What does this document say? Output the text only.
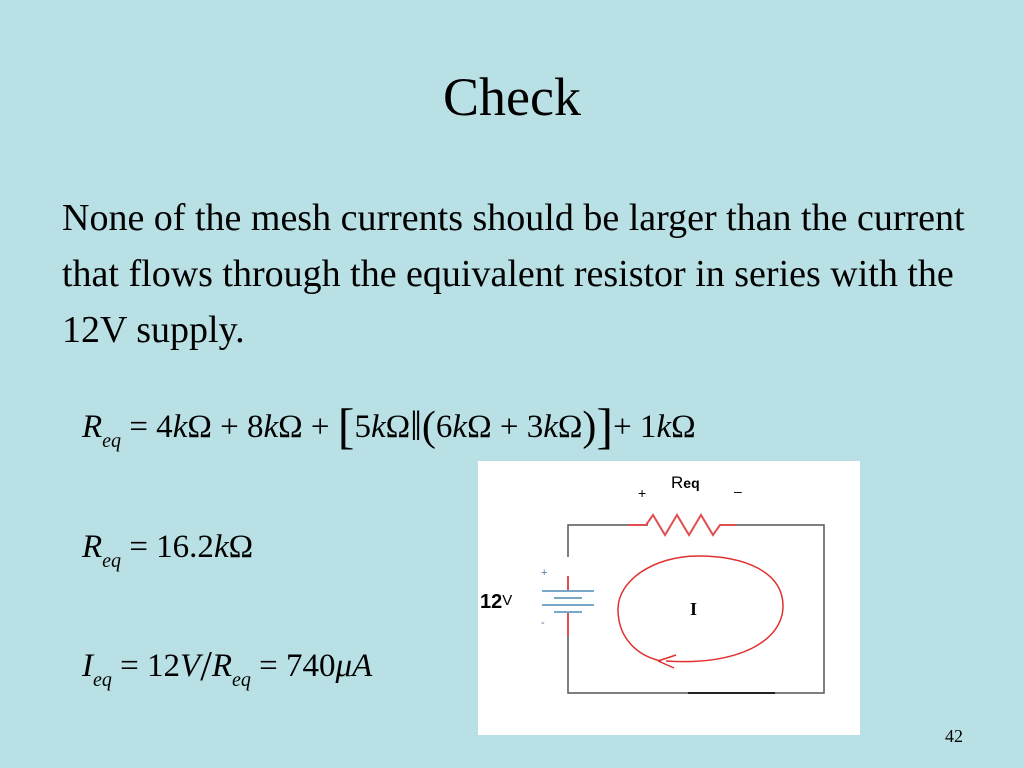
Check
None of the mesh currents should be larger than the current that flows through the equivalent resistor in series with the 12V supply.
$R_{eq} = 4k\Omega + 8k\Omega$ + [5kΩ‖(6kΩ + 3kΩ)]+ 1kΩ
$R_{eq} = 16.2k\Omega$
$I_{eq} = 12V/R_{eq} = 740\mu A$
+
Req –
+
-
12V	I
42
